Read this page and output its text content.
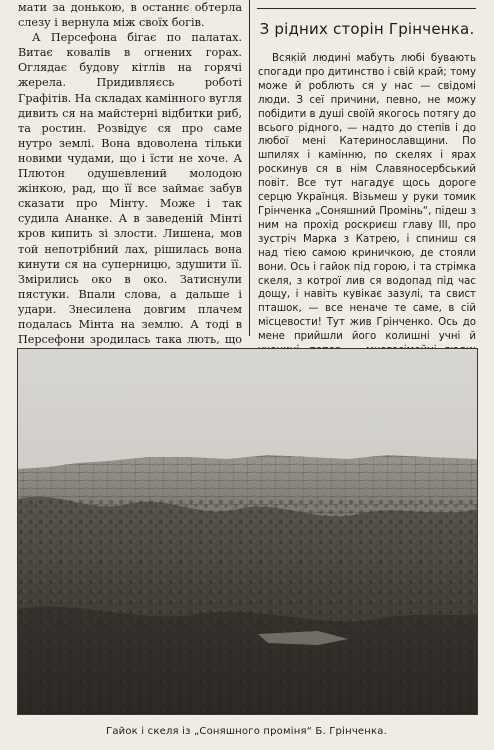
мати за донькою, в останнє обтерла слезу і вернула між своїх богів.

А Персефона бігає по палатах. Витає ковалів в огнених горах. Оглядає будову кітлів на горячі жерела. Придивляєсь роботі Графітів. На складах камінного вугля дивить ся на майстерні відбитки риб, та ростин. Розвідує ся про саме нутро землі. Вона вдоволена тільки новими чудами, що і їсти не хоче. А Плютон одушевлений молодою жінкою, рад, що її все займає забув сказати про Мінту. Може і так судила Ананке. А в заведеній Мінті кров кипить зі злости. Лишена, мов той непотрібний лах, рішилась вона кинути ся на суперницю, здушити її. Змірились око в око. Затиснули пястуки. Впали слова, а дальше і удари. Знесилена довгим плачем подалась Мінта на землю. А тоді в Персефони зродилась така лють, що

З рідних сторін Грінченка.

Всякій людині мабуть любі бувають спогади про дитинство і свій край; тому може й роблють ся у нас — свідомі люди. З сеї причини, певно, не можу побідити в душі своїй якогось потягу до всього рідного, — надто до степів і до любої мені Катеринославщини. По шпилях і камінню, по скелях і ярах роскинув ся в нім Славяносербський повіт. Все тут нагадує щось дороге серцю Українця. Візьмеш у руки томик Грінченка „Соняшний Промінь“, підеш з ним на прохід роскриєш главу III, про зустріч Марка з Катрею, і спиниш ся над тією самою криничкою, де стояли вони. Ось і гайок під горою, і та стрімка скеля, з котрої лив ся водопад під час дощу, і навіть кувікає зазулі, та свист пташок, — все неначе те саме, в сій місцевости! Тут жив Грінченко. Ось до мене прийшли його колишні учні й

Гайок і скеля із „Соняшного проміня“ Б. Грінченка.
